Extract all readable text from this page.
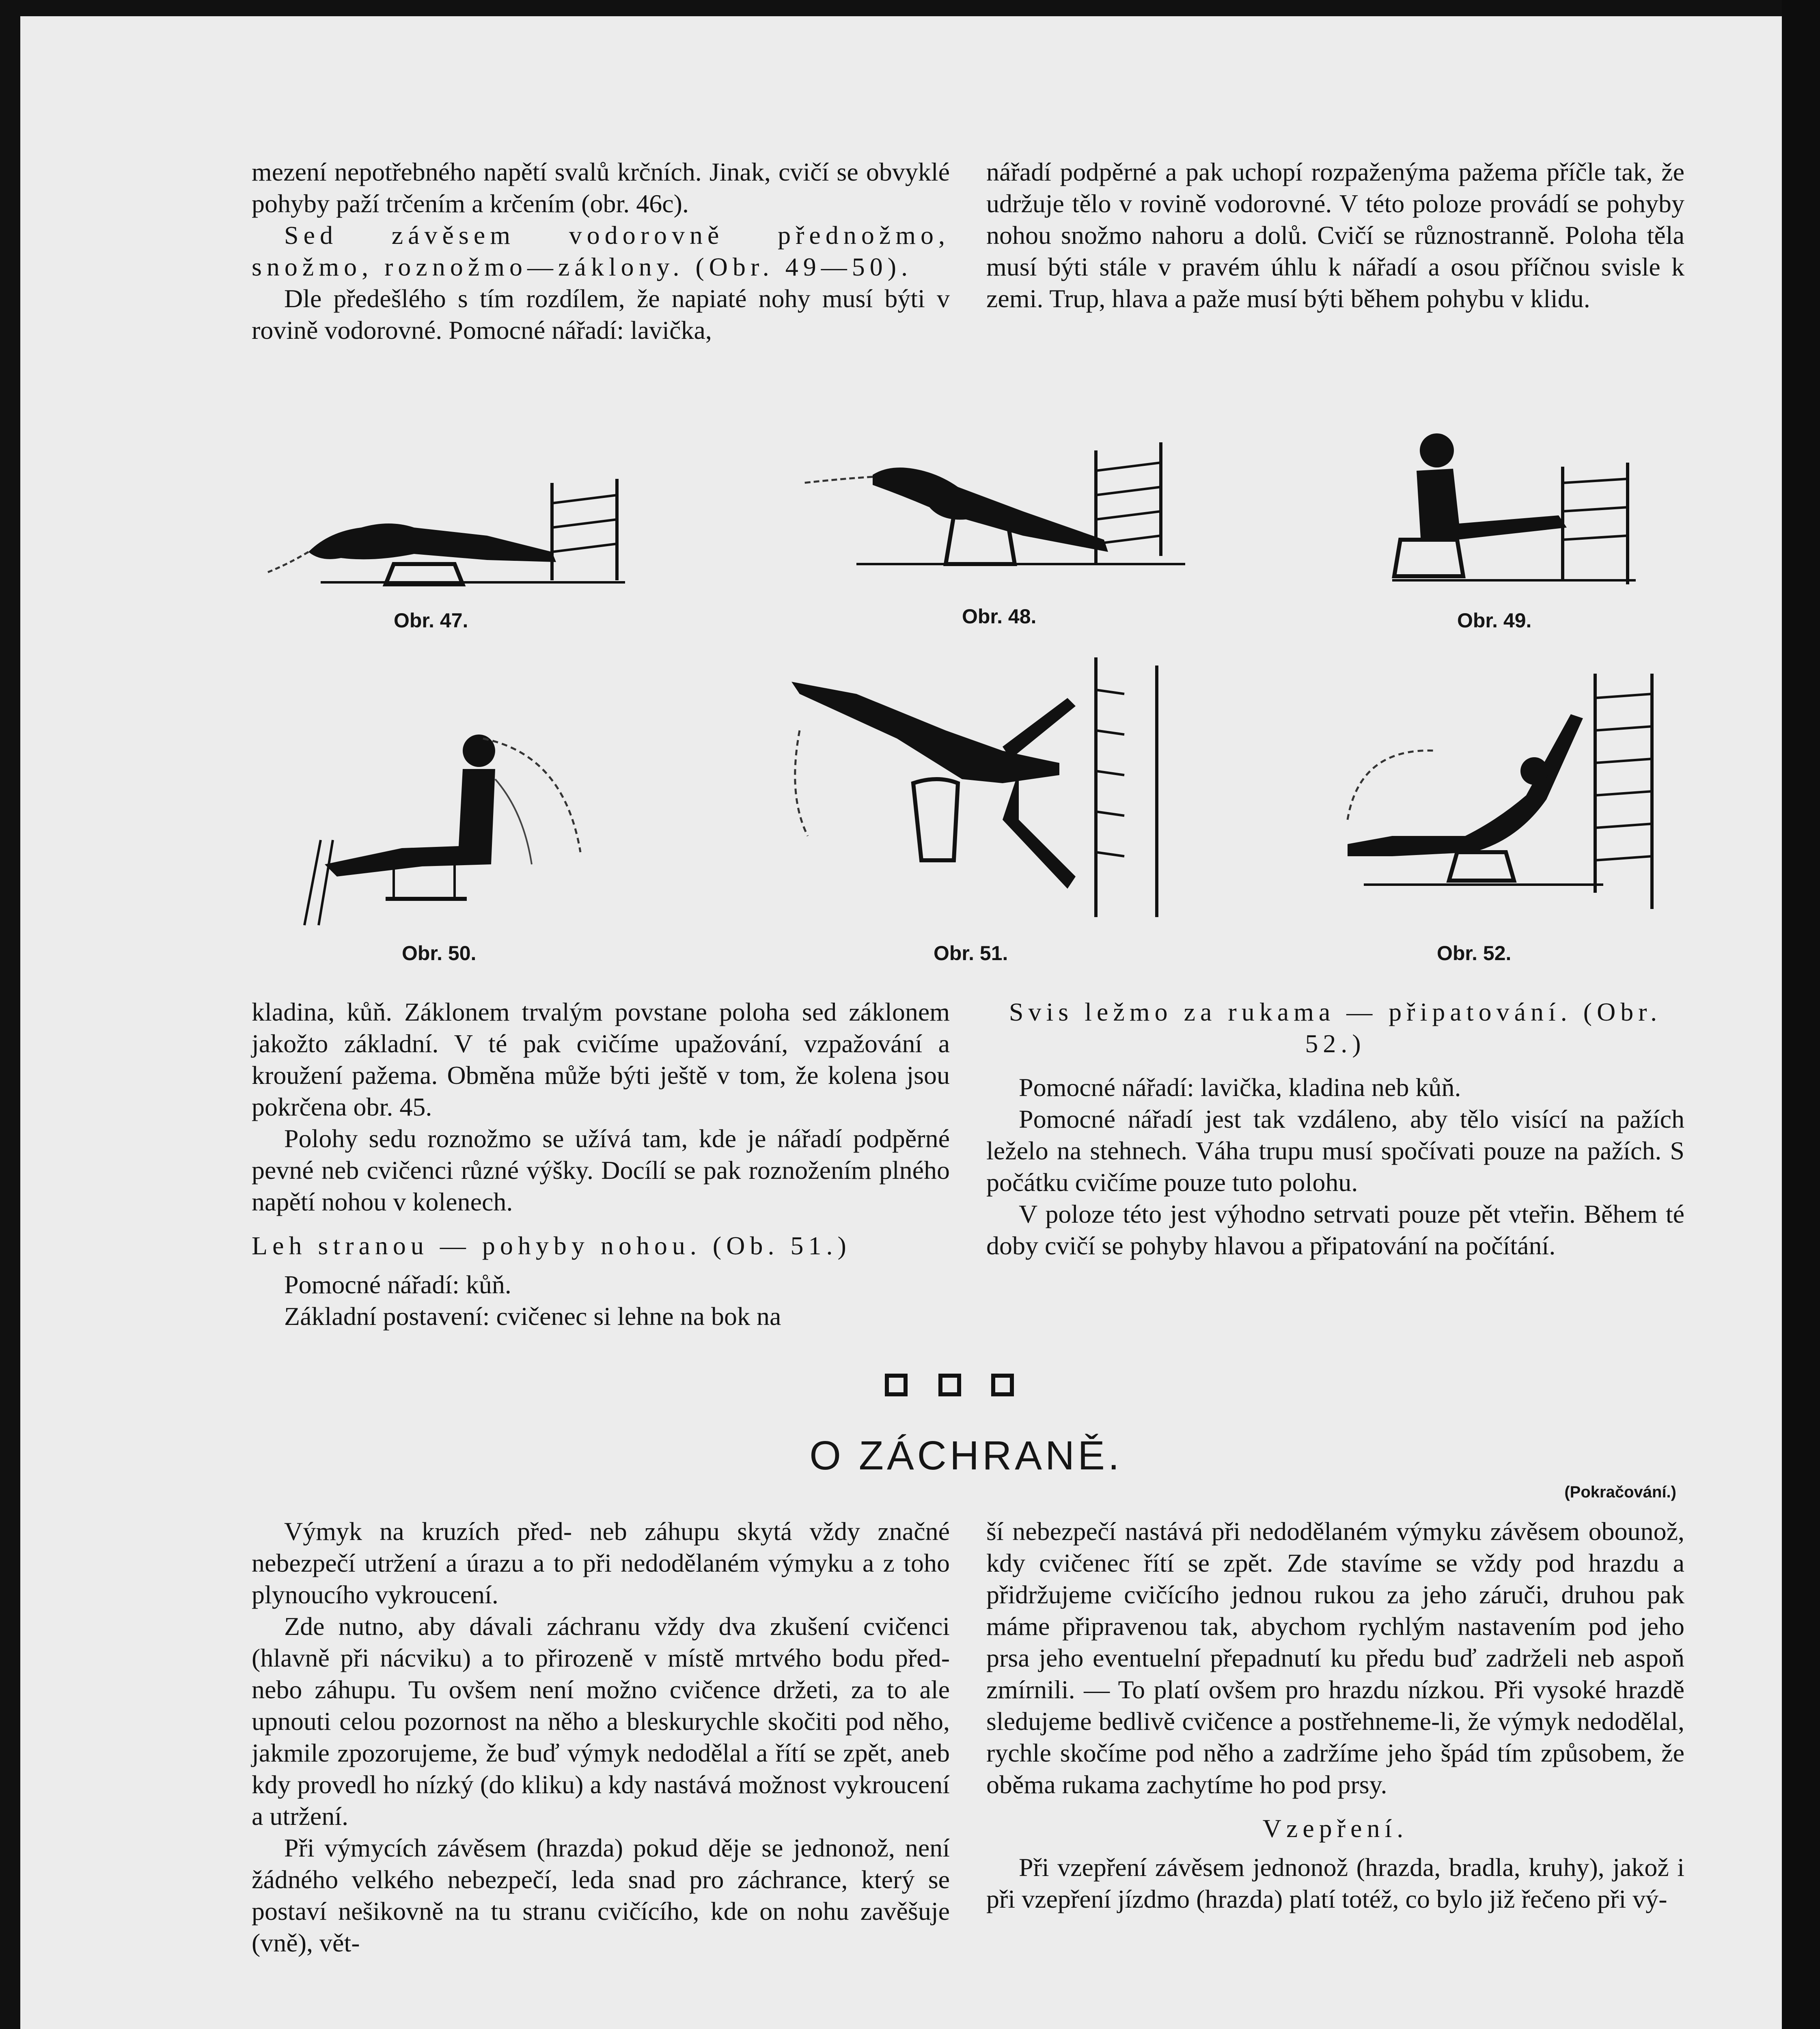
mezení nepotřebného napětí svalů krčních. Jinak, cvičí se obvyklé pohyby paží trčením a krčením (obr. 46c).

Sed závěsem vodorovně přednožmo, snožmo, roznožmo—záklony. (Obr. 49—50).

Dle předešlého s tím rozdílem, že napiaté nohy musí býti v rovině vodorovné. Pomocné nářadí: lavička,

nářadí podpěrné a pak uchopí rozpaženýma pažema příčle tak, že udržuje tělo v rovině vodorovné. V této poloze provádí se pohyby nohou snožmo nahoru a dolů. Cvičí se různostranně. Poloha těla musí býti stále v pravém úhlu k nářadí a osou příčnou svisle k zemi. Trup, hlava a paže musí býti během pohybu v klidu.

Obr. 47.	Obr. 48.	Obr. 49.
Obr. 50.	Obr. 51.	Obr. 52.

kladina, kůň. Záklonem trvalým povstane poloha sed záklonem jakožto základní. V té pak cvičíme upažování, vzpažování a kroužení pažema. Obměna může býti ještě v tom, že kolena jsou pokrčena obr. 45.

Polohy sedu roznožmo se užívá tam, kde je nářadí podpěrné pevné neb cvičenci různé výšky. Docílí se pak roznožením plného napětí nohou v kolenech.

Leh stranou — pohyby nohou. (Ob. 51.)

Pomocné nářadí: kůň.

Základní postavení: cvičenec si lehne na bok na

Svis ležmo za rukama — připatování. (Obr. 52.)

Pomocné nářadí: lavička, kladina neb kůň.

Pomocné nářadí jest tak vzdáleno, aby tělo visící na pažích leželo na stehnech. Váha trupu musí spočívati pouze na pažích. S počátku cvičíme pouze tuto polohu.

V poloze této jest výhodno setrvati pouze pět vteřin. Během té doby cvičí se pohyby hlavou a připatování na počítání.

O ZÁCHRANĚ.
(Pokračování.)

Výmyk na kruzích před- neb záhupu skytá vždy značné nebezpečí utržení a úrazu a to při nedodělaném výmyku a z toho plynoucího vykroucení.

Zde nutno, aby dávali záchranu vždy dva zkušení cvičenci (hlavně při nácviku) a to přirozeně v místě mrtvého bodu před- nebo záhupu. Tu ovšem není možno cvičence držeti, za to ale upnouti celou pozornost na něho a bleskurychle skočiti pod něho, jakmile zpozorujeme, že buď výmyk nedodělal a řítí se zpět, aneb kdy provedl ho nízký (do kliku) a kdy nastává možnost vykroucení a utržení.

Při výmycích závěsem (hrazda) pokud děje se jednonož, není žádného velkého nebezpečí, leda snad pro záchrance, který se postaví nešikovně na tu stranu cvičícího, kde on nohu zavěšuje (vně), vět-

ší nebezpečí nastává při nedodělaném výmyku závěsem obounož, kdy cvičenec řítí se zpět. Zde stavíme se vždy pod hrazdu a přidržujeme cvičícího jednou rukou za jeho záruči, druhou pak máme připravenou tak, abychom rychlým nastavením pod jeho prsa jeho eventuelní přepadnutí ku předu buď zadrželi neb aspoň zmírnili. — To platí ovšem pro hrazdu nízkou. Při vysoké hrazdě sledujeme bedlivě cvičence a postřehneme-li, že výmyk nedodělal, rychle skočíme pod něho a zadržíme jeho špád tím způsobem, že oběma rukama zachytíme ho pod prsy.

Vzepření.

Při vzepření závěsem jednonož (hrazda, bradla, kruhy), jakož i při vzepření jízdmo (hrazda) platí totéž, co bylo již řečeno při vý-
